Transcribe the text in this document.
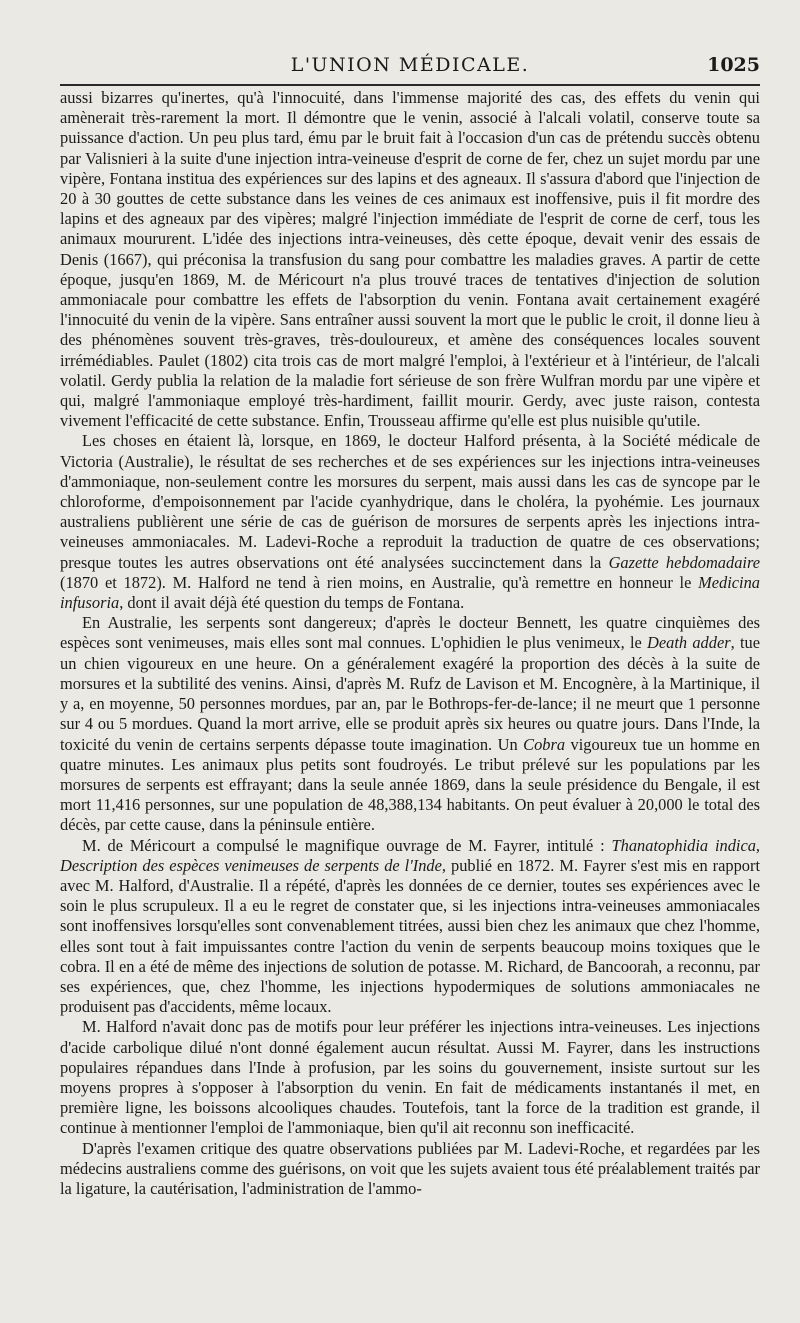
L'UNION MÉDICALE.	1025

aussi bizarres qu'inertes, qu'à l'innocuité, dans l'immense majorité des cas, des effets du venin qui amènerait très-rarement la mort. Il démontre que le venin, associé à l'alcali volatil, conserve toute sa puissance d'action. Un peu plus tard, ému par le bruit fait à l'occasion d'un cas de prétendu succès obtenu par Valisnieri à la suite d'une injection intra-veineuse d'esprit de corne de fer, chez un sujet mordu par une vipère, Fontana institua des expériences sur des lapins et des agneaux. Il s'assura d'abord que l'injection de 20 à 30 gouttes de cette substance dans les veines de ces animaux est inoffensive, puis il fit mordre des lapins et des agneaux par des vipères; malgré l'injection immédiate de l'esprit de corne de cerf, tous les animaux moururent. L'idée des injections intra-veineuses, dès cette époque, devait venir des essais de Denis (1667), qui préconisa la transfusion du sang pour combattre les maladies graves. A partir de cette époque, jusqu'en 1869, M. de Méricourt n'a plus trouvé traces de tentatives d'injection de solution ammoniacale pour combattre les effets de l'absorption du venin. Fontana avait certainement exagéré l'innocuité du venin de la vipère. Sans entraîner aussi souvent la mort que le public le croit, il donne lieu à des phénomènes souvent très-graves, très-douloureux, et amène des conséquences locales souvent irrémédiables. Paulet (1802) cita trois cas de mort malgré l'emploi, à l'extérieur et à l'intérieur, de l'alcali volatil. Gerdy publia la relation de la maladie fort sérieuse de son frère Wulfran mordu par une vipère et qui, malgré l'ammoniaque employé très-hardiment, faillit mourir. Gerdy, avec juste raison, contesta vivement l'efficacité de cette substance. Enfin, Trousseau affirme qu'elle est plus nuisible qu'utile.

Les choses en étaient là, lorsque, en 1869, le docteur Halford présenta, à la Société médicale de Victoria (Australie), le résultat de ses recherches et de ses expériences sur les injections intra-veineuses d'ammoniaque, non-seulement contre les morsures du serpent, mais aussi dans les cas de syncope par le chloroforme, d'empoisonnement par l'acide cyanhydrique, dans le choléra, la pyohémie. Les journaux australiens publièrent une série de cas de guérison de morsures de serpents après les injections intra-veineuses ammoniacales. M. Ladevi-Roche a reproduit la traduction de quatre de ces observations; presque toutes les autres observations ont été analysées succinctement dans la Gazette hebdomadaire (1870 et 1872). M. Halford ne tend à rien moins, en Australie, qu'à remettre en honneur le Medicina infusoria, dont il avait déjà été question du temps de Fontana.

En Australie, les serpents sont dangereux; d'après le docteur Bennett, les quatre cinquièmes des espèces sont venimeuses, mais elles sont mal connues. L'ophidien le plus venimeux, le Death adder, tue un chien vigoureux en une heure. On a généralement exagéré la proportion des décès à la suite de morsures et la subtilité des venins. Ainsi, d'après M. Rufz de Lavison et M. Encognère, à la Martinique, il y a, en moyenne, 50 personnes mordues, par an, par le Bothrops-fer-de-lance; il ne meurt que 1 personne sur 4 ou 5 mordues. Quand la mort arrive, elle se produit après six heures ou quatre jours. Dans l'Inde, la toxicité du venin de certains serpents dépasse toute imagination. Un Cobra vigoureux tue un homme en quatre minutes. Les animaux plus petits sont foudroyés. Le tribut prélevé sur les populations par les morsures de serpents est effrayant; dans la seule année 1869, dans la seule présidence du Bengale, il est mort 11,416 personnes, sur une population de 48,388,134 habitants. On peut évaluer à 20,000 le total des décès, par cette cause, dans la péninsule entière.

M. de Méricourt a compulsé le magnifique ouvrage de M. Fayrer, intitulé : Thanatophidia indica, Description des espèces venimeuses de serpents de l'Inde, publié en 1872. M. Fayrer s'est mis en rapport avec M. Halford, d'Australie. Il a répété, d'après les données de ce dernier, toutes ses expériences avec le soin le plus scrupuleux. Il a eu le regret de constater que, si les injections intra-veineuses ammoniacales sont inoffensives lorsqu'elles sont convenablement titrées, aussi bien chez les animaux que chez l'homme, elles sont tout à fait impuissantes contre l'action du venin de serpents beaucoup moins toxiques que le cobra. Il en a été de même des injections de solution de potasse. M. Richard, de Bancoorah, a reconnu, par ses expériences, que, chez l'homme, les injections hypodermiques de solutions ammoniacales ne produisent pas d'accidents, même locaux.

M. Halford n'avait donc pas de motifs pour leur préférer les injections intra-veineuses. Les injections d'acide carbolique dilué n'ont donné également aucun résultat. Aussi M. Fayrer, dans les instructions populaires répandues dans l'Inde à profusion, par les soins du gouvernement, insiste surtout sur les moyens propres à s'opposer à l'absorption du venin. En fait de médicaments instantanés il met, en première ligne, les boissons alcooliques chaudes. Toutefois, tant la force de la tradition est grande, il continue à mentionner l'emploi de l'ammoniaque, bien qu'il ait reconnu son inefficacité.

D'après l'examen critique des quatre observations publiées par M. Ladevi-Roche, et regardées par les médecins australiens comme des guérisons, on voit que les sujets avaient tous été préalablement traités par la ligature, la cautérisation, l'administration de l'ammo-
